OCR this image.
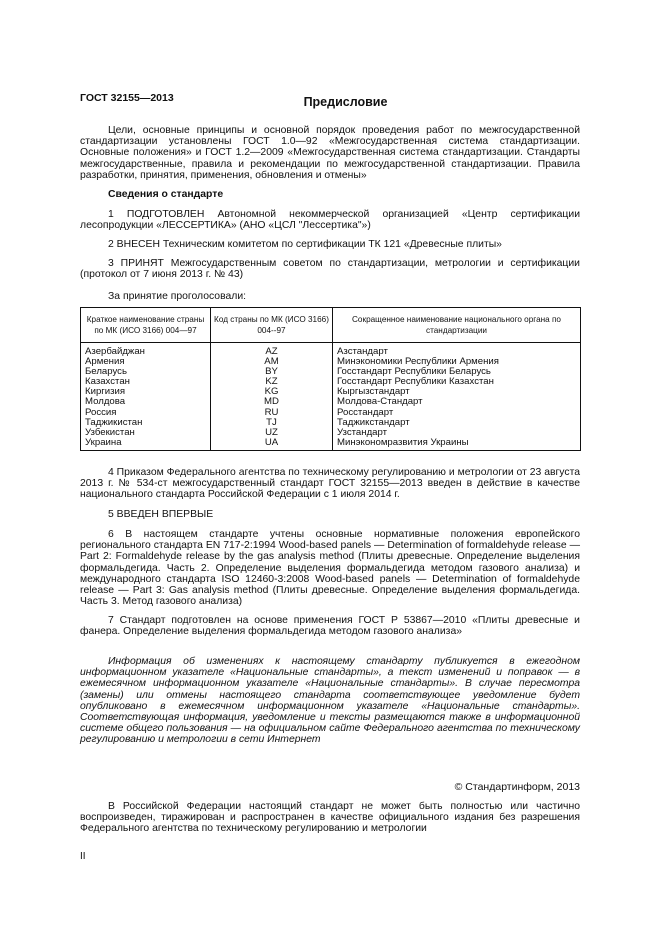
ГОСТ 32155—2013	Предисловие
Цели, основные принципы и основной порядок проведения работ по межгосударственной стандартизации установлены ГОСТ 1.0—92 «Межгосударственная система стандартизации. Основные положения» и ГОСТ 1.2—2009 «Межгосударственная система стандартизации. Стандарты межгосударственные, правила и рекомендации по межгосударственной стандартизации. Правила разработки, принятия, применения, обновления и отмены»
Сведения о стандарте
1 ПОДГОТОВЛЕН Автономной некоммерческой организацией «Центр сертификации лесопродукции «ЛЕССЕРТИКА» (АНО «ЦСЛ "Лессертика"»)
2 ВНЕСЕН Техническим комитетом по сертификации ТК 121 «Древесные плиты»
3 ПРИНЯТ Межгосударственным советом по стандартизации, метрологии и сертификации (протокол от 7 июня 2013 г. № 43)
За принятие проголосовали:
Краткое наименование страны по МК (ИСО 3166) 004—97	Код страны по МК (ИСО 3166) 004--97	Сокращенное наименование национального органа по стандартизации
Азербайджан	AZ	Азстандарт
Армения	AM	Минэкономики Республики Армения
Беларусь	BY	Госстандарт Республики Беларусь
Казахстан	KZ	Госстандарт Республики Казахстан
Киргизия	KG	Кыргызстандарт
Молдова	MD	Молдова-Стандарт
Россия	RU	Росстандарт
Таджикистан	TJ	Таджикстандарт
Узбекистан	UZ	Узстандарт
Украина	UA	Минэкономразвития Украины
4 Приказом Федерального агентства по техническому регулированию и метрологии от 23 августа 2013 г. № 534-ст межгосударственный стандарт ГОСТ 32155—2013 введен в действие в качестве национального стандарта Российской Федерации с 1 июля 2014 г.
5 ВВЕДЕН ВПЕРВЫЕ
6 В настоящем стандарте учтены основные нормативные положения европейского регионального стандарта EN 717-2:1994 Wood-based panels — Determination of formaldehyde release — Part 2: Formaldehyde release by the gas analysis method (Плиты древесные. Определение выделения формальдегида. Часть 2. Определение выделения формальдегида методом газового анализа) и международного стандарта ISO 12460-3:2008 Wood-based panels — Determination of formaldehyde release — Part 3: Gas analysis method (Плиты древесные. Определение выделения формальдегида. Часть 3. Метод газового анализа)
7 Стандарт подготовлен на основе применения ГОСТ Р 53867—2010 «Плиты древесные и фанера. Определение выделения формальдегида методом газового анализа»
Информация об изменениях к настоящему стандарту публикуется в ежегодном информационном указателе «Национальные стандарты», а текст изменений и поправок — в ежемесячном информационном указателе «Национальные стандарты». В случае пересмотра (замены) или отмены настоящего стандарта соответствующее уведомление будет опубликовано в ежемесячном информационном указателе «Национальные стандарты». Соответствующая информация, уведомление и тексты размещаются также в информационной системе общего пользования — на официальном сайте Федерального агентства по техническому регулированию и метрологии в сети Интернет
© Стандартинформ, 2013
В Российской Федерации настоящий стандарт не может быть полностью или частично воспроизведен, тиражирован и распространен в качестве официального издания без разрешения Федерального агентства по техническому регулированию и метрологии
II
